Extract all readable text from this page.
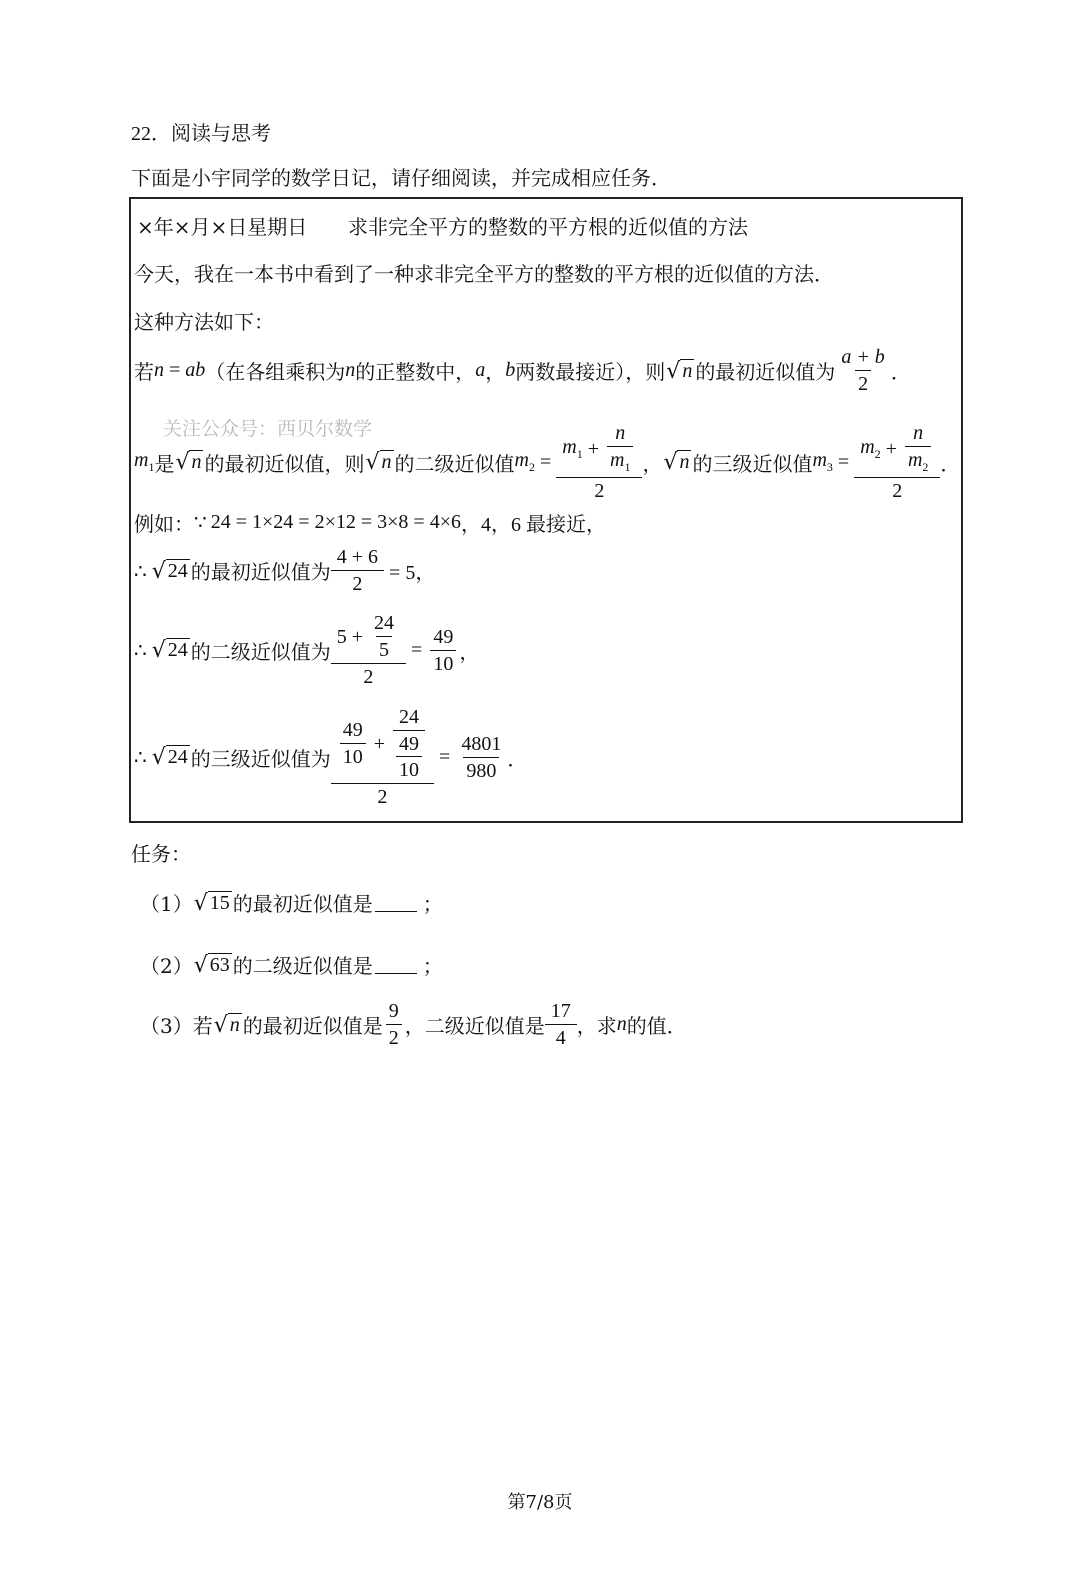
22．阅读与思考
下面是小宇同学的数学日记，请仔细阅读，并完成相应任务．
×年×月×日星期日 求非完全平方的整数的平方根的近似值的方法
今天，我在一本书中看到了一种求非完全平方的整数的平方根的近似值的方法．
这种方法如下：
若 n = ab （在各组乘积为 n 的正整数中， a ， b 两数最接近），则 √ n 的最初近似值为 $\frac{a + b}{2}$ ．
关注公众号：西贝尔数学
$m_1$ 是 √ n 的最初近似值，则 √ n 的二级近似值 $m_2 = \frac{m_1 + \frac{n}{m_1}}{2}$ ， √ n 的三级近似值 $m_3 = \frac{m_2 + \frac{n}{m_2}}{2}$ ．
例如： ∵ 24 = 1×24 = 2×12 = 3×8 = 4×6 ，4，6 最接近，
∴ √ 24 的最初近似值为 $\frac{4 + 6}{2} = 5$，
∴ √ 24 的二级近似值为 $\frac{5 + \frac{24}{5}}{2} = \frac{49}{10}$ ，
∴ √ 24 的三级近似值为 $\frac{\frac{49}{10} + \frac{24}{\frac{49}{10}}}{2} = \frac{4801}{980}$ ．
任务：
（1） √ 15 的最初近似值是	；
（2） √ 63 的二级近似值是	；
（3） 若 √ n 的最初近似值是 $\frac{9}{2}$ ，二级近似值是 $\frac{17}{4}$ ，求 n 的值．
第7/8页
